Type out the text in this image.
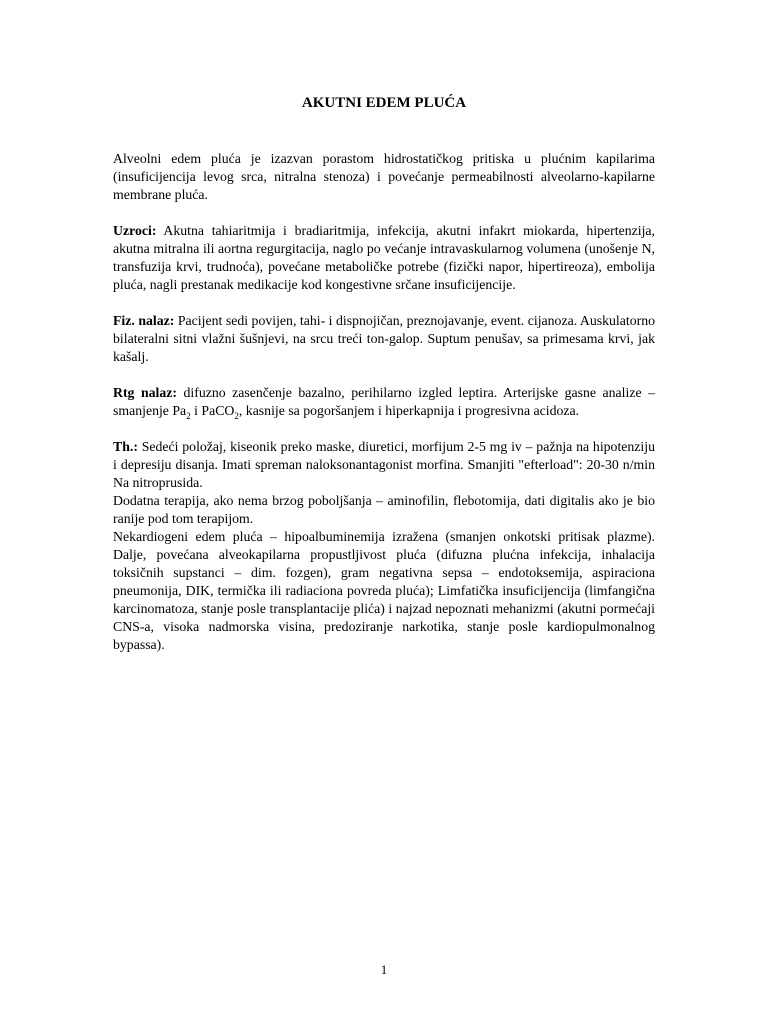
AKUTNI EDEM PLUĆA

Alveolni edem pluća je izazvan porastom hidrostatičkog pritiska u plućnim kapilarima (insuficijencija levog srca, nitralna stenoza) i povećanje permeabilnosti alveolarno-kapilarne membrane pluća.

Uzroci: Akutna tahiaritmija i bradiaritmija, infekcija, akutni infakrt miokarda, hipertenzija, akutna mitralna ili aortna regurgitacija, naglo po većanje intravaskularnog volumena (unošenje N, transfuzija krvi, trudnoća), povećane metaboličke potrebe (fizički napor, hipertireoza), embolija pluća, nagli prestanak medikacije kod kongestivne srčane insuficijencije.

Fiz. nalaz: Pacijent sedi povijen, tahi- i dispnojičan, preznojavanje, event. cijanoza. Auskulatorno bilateralni sitni vlažni šušnjevi, na srcu treći ton-galop. Suptum penušav, sa primesama krvi, jak kašalj.

Rtg nalaz: difuzno zasenčenje bazalno, perihilarno izgled leptira. Arterijske gasne analize – smanjenje $Pa_2$ i PaCO$_2$, kasnije sa pogoršanjem i hiperkapnija i progresivna acidoza.

Th.: Sedeći položaj, kiseonik preko maske, diuretici, morfijum 2-5 mg iv – pažnja na hipotenziju i depresiju disanja. Imati spreman naloksonantagonist morfina. Smanjiti "efterload": 20-30 n/min Na nitroprusida.

Dodatna terapija, ako nema brzog poboljšanja – aminofilin, flebotomija, dati digitalis ako je bio ranije pod tom terapijom.

Nekardiogeni edem pluća – hipoalbuminemija izražena (smanjen onkotski pritisak plazme). Dalje, povećana alveokapilarna propustljivost pluća (difuzna plućna infekcija, inhalacija toksičnih supstanci – dim. fozgen), gram negativna sepsa – endotoksemija, aspiraciona pneumonija, DIK, termička ili radiaciona povreda pluća); Limfatička insuficijencija (limfangična karcinomatoza, stanje posle transplantacije plića) i najzad nepoznati mehanizmi (akutni pormećaji CNS-a, visoka nadmorska visina, predoziranje narkotika, stanje posle kardiopulmonalnog bypassa).

1
